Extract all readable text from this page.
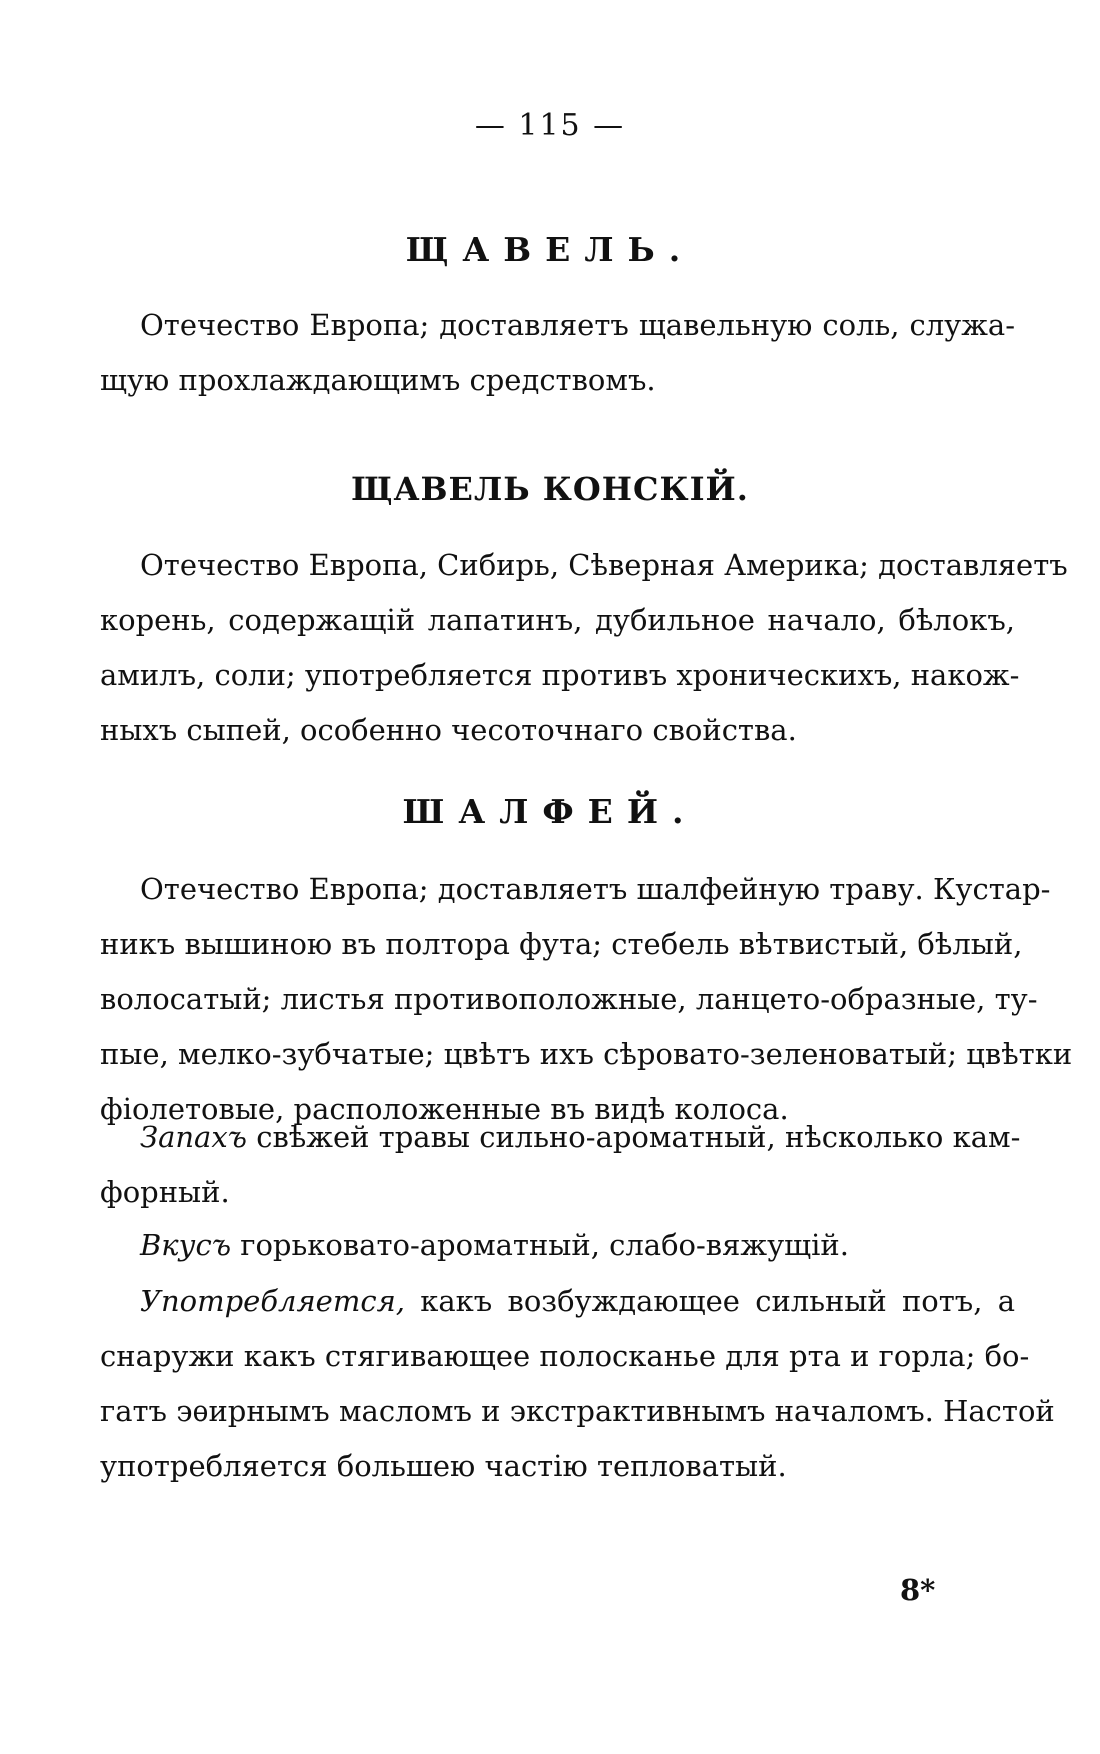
— 115 —
ЩАВЕЛЬ.
Отечество Европа; доставляетъ щавельную соль, служа-
щую прохлаждающимъ средствомъ.
ЩАВЕЛЬ КОНСКІЙ.
Отечество Европа, Сибирь, Сѣверная Америка; доставляетъ
корень, содержащій лапатинъ, дубильное начало, бѣлокъ,
амилъ, соли; употребляется противъ хроническихъ, накож-
ныхъ сыпей, особенно чесоточнаго свойства.
ШАЛФЕЙ.
Отечество Европа; доставляетъ шалфейную траву. Кустар-
никъ вышиною въ полтора фута; стебель вѣтвистый, бѣлый,
волосатый; листья противоположные, ланцето-образные, ту-
пые, мелко-зубчатые; цвѣтъ ихъ сѣровато-зеленоватый; цвѣтки
фіолетовые, расположенные въ видѣ колоса.
Запахъ свѣжей травы сильно-ароматный, нѣсколько кам-
форный.
Вкусъ горьковато-ароматный, слабо-вяжущій.
Употребляется, какъ возбуждающее сильный потъ, а
снаружи какъ стягивающее полосканье для рта и горла; бо-
гатъ эѳирнымъ масломъ и экстрактивнымъ началомъ. Настой
употребляется большею частію тепловатый.
8*
